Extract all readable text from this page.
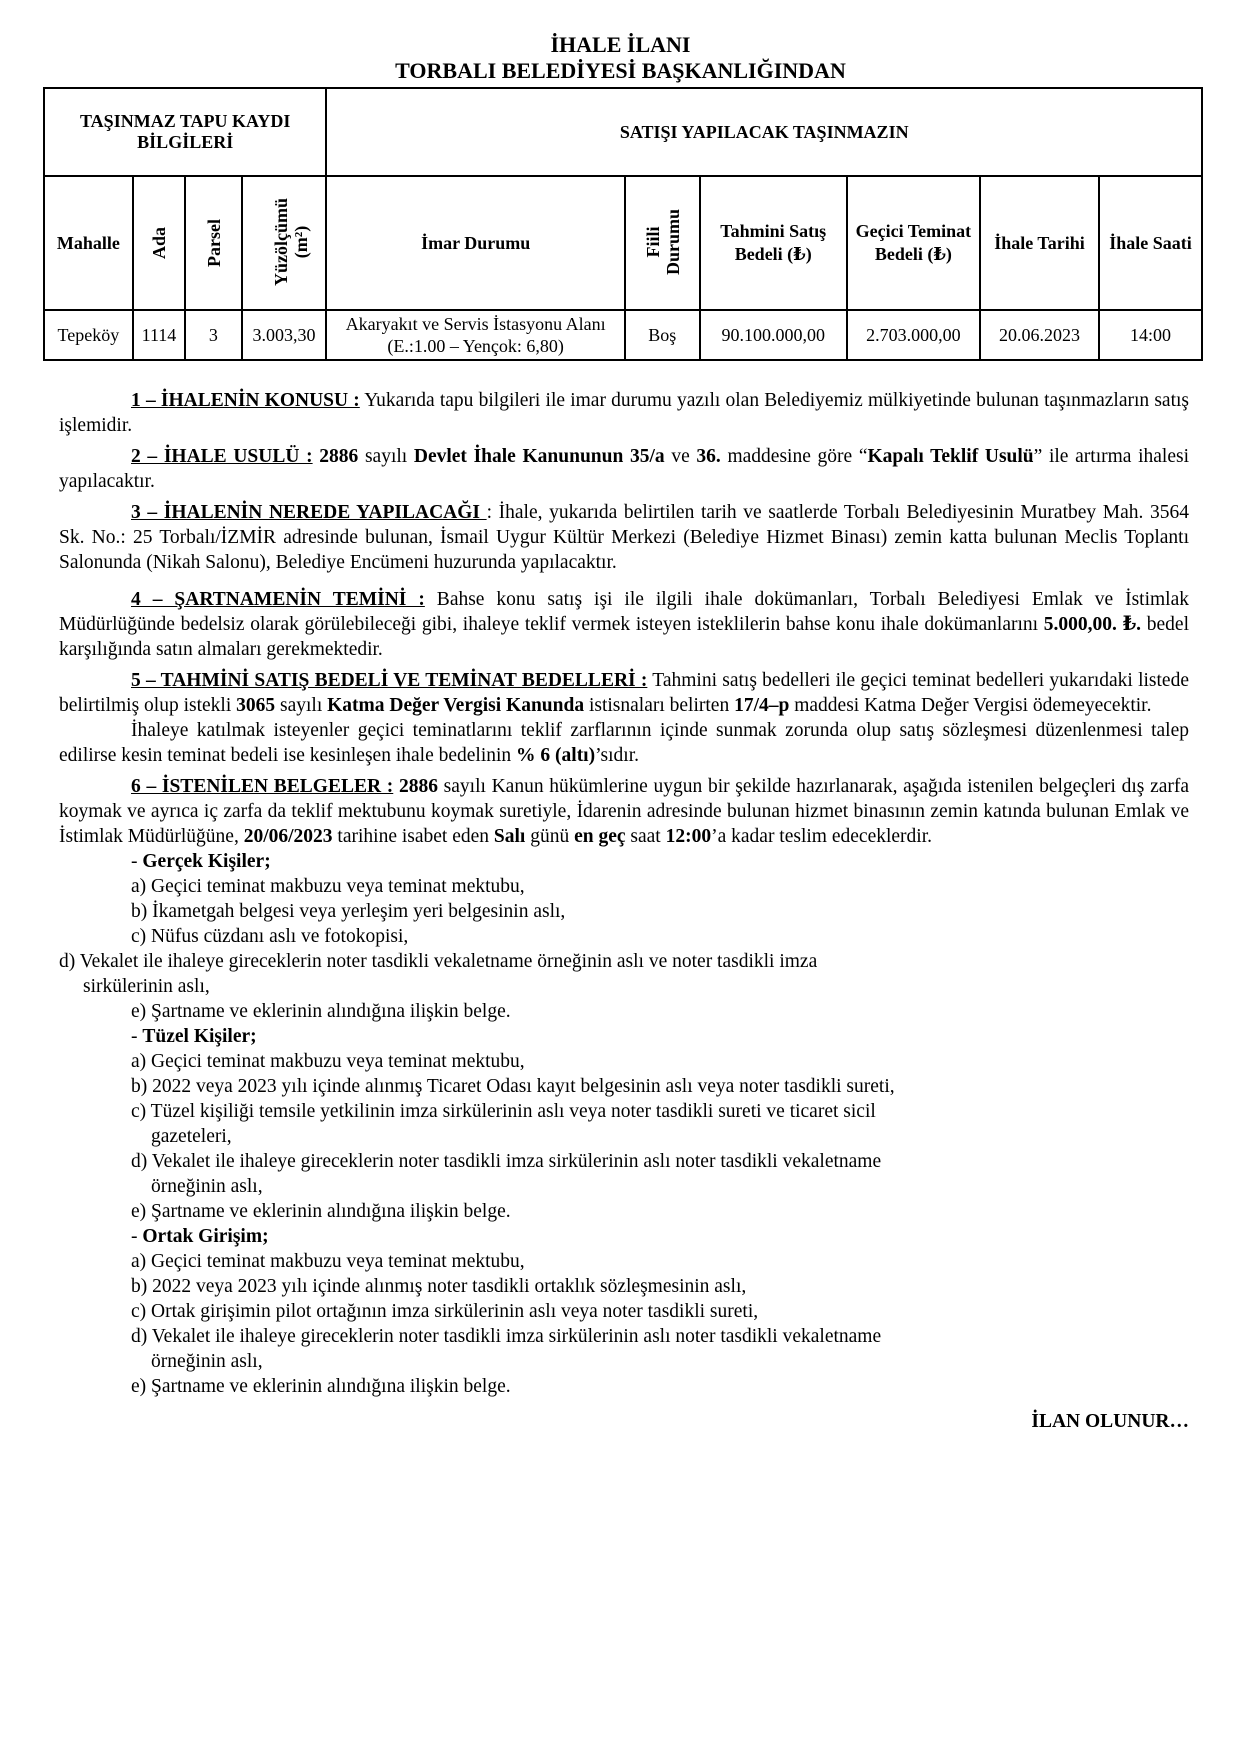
İHALE İLANI
TORBALI BELEDİYESİ BAŞKANLIĞINDAN
TAŞINMAZ TAPU KAYDI BİLGİLERİ				SATIŞI YAPILACAK TAŞINMAZIN					
Mahalle	Ada	Parsel	Yüzölçümü (m²)	İmar Durumu	Fiili Durumu	Tahmini Satış Bedeli (₺)	Geçici Teminat Bedeli (₺)	İhale Tarihi	İhale Saati
Tepeköy	1114	3	3.003,30	Akaryakıt ve Servis İstasyonu Alanı (E.:1.00 – Yençok: 6,80)	Boş	90.100.000,00	2.703.000,00	20.06.2023	14:00

1 – İHALENİN KONUSU : Yukarıda tapu bilgileri ile imar durumu yazılı olan Belediyemiz mülkiyetinde bulunan taşınmazların satış işlemidir.

2 – İHALE USULÜ : 2886 sayılı Devlet İhale Kanununun 35/a ve 36. maddesine göre “Kapalı Teklif Usulü” ile artırma ihalesi yapılacaktır.

3 – İHALENİN NEREDE YAPILACAĞI : İhale, yukarıda belirtilen tarih ve saatlerde Torbalı Belediyesinin Muratbey Mah. 3564 Sk. No.: 25 Torbalı/İZMİR adresinde bulunan, İsmail Uygur Kültür Merkezi (Belediye Hizmet Binası) zemin katta bulunan Meclis Toplantı Salonunda (Nikah Salonu), Belediye Encümeni huzurunda yapılacaktır.

4 – ŞARTNAMENİN TEMİNİ : Bahse konu satış işi ile ilgili ihale dokümanları, Torbalı Belediyesi Emlak ve İstimlak Müdürlüğünde bedelsiz olarak görülebileceği gibi, ihaleye teklif vermek isteyen isteklilerin bahse konu ihale dokümanlarını 5.000,00. ₺. bedel karşılığında satın almaları gerekmektedir.

5 – TAHMİNİ SATIŞ BEDELİ VE TEMİNAT BEDELLERİ : Tahmini satış bedelleri ile geçici teminat bedelleri yukarıdaki listede belirtilmiş olup istekli 3065 sayılı Katma Değer Vergisi Kanunda istisnaları belirten 17/4–p maddesi Katma Değer Vergisi ödemeyecektir.

İhaleye katılmak isteyenler geçici teminatlarını teklif zarflarının içinde sunmak zorunda olup satış sözleşmesi düzenlenmesi talep edilirse kesin teminat bedeli ise kesinleşen ihale bedelinin % 6 (altı)’sıdır.

6 – İSTENİLEN BELGELER : 2886 sayılı Kanun hükümlerine uygun bir şekilde hazırlanarak, aşağıda istenilen belgeçleri dış zarfa koymak ve ayrıca iç zarfa da teklif mektubunu koymak suretiyle, İdarenin adresinde bulunan hizmet binasının zemin katında bulunan Emlak ve İstimlak Müdürlüğüne, 20/06/2023 tarihine isabet eden Salı günü en geç saat 12:00’a kadar teslim edeceklerdir.

- Gerçek Kişiler;
a) Geçici teminat makbuzu veya teminat mektubu,
b) İkametgah belgesi veya yerleşim yeri belgesinin aslı,
c) Nüfus cüzdanı aslı ve fotokopisi,
d) Vekalet ile ihaleye gireceklerin noter tasdikli vekaletname örneğinin aslı ve noter tasdikli imza
sirkülerinin aslı,
e) Şartname ve eklerinin alındığına ilişkin belge.
- Tüzel Kişiler;
a) Geçici teminat makbuzu veya teminat mektubu,
b) 2022 veya 2023 yılı içinde alınmış Ticaret Odası kayıt belgesinin aslı veya noter tasdikli sureti,
c) Tüzel kişiliği temsile yetkilinin imza sirkülerinin aslı veya noter tasdikli sureti ve ticaret sicil
gazeteleri,
d) Vekalet ile ihaleye gireceklerin noter tasdikli imza sirkülerinin aslı noter tasdikli vekaletname
örneğinin aslı,
e) Şartname ve eklerinin alındığına ilişkin belge.
- Ortak Girişim;
a) Geçici teminat makbuzu veya teminat mektubu,
b) 2022 veya 2023 yılı içinde alınmış noter tasdikli ortaklık sözleşmesinin aslı,
c) Ortak girişimin pilot ortağının imza sirkülerinin aslı veya noter tasdikli sureti,
d) Vekalet ile ihaleye gireceklerin noter tasdikli imza sirkülerinin aslı noter tasdikli vekaletname
örneğinin aslı,
e) Şartname ve eklerinin alındığına ilişkin belge.
İLAN OLUNUR…
